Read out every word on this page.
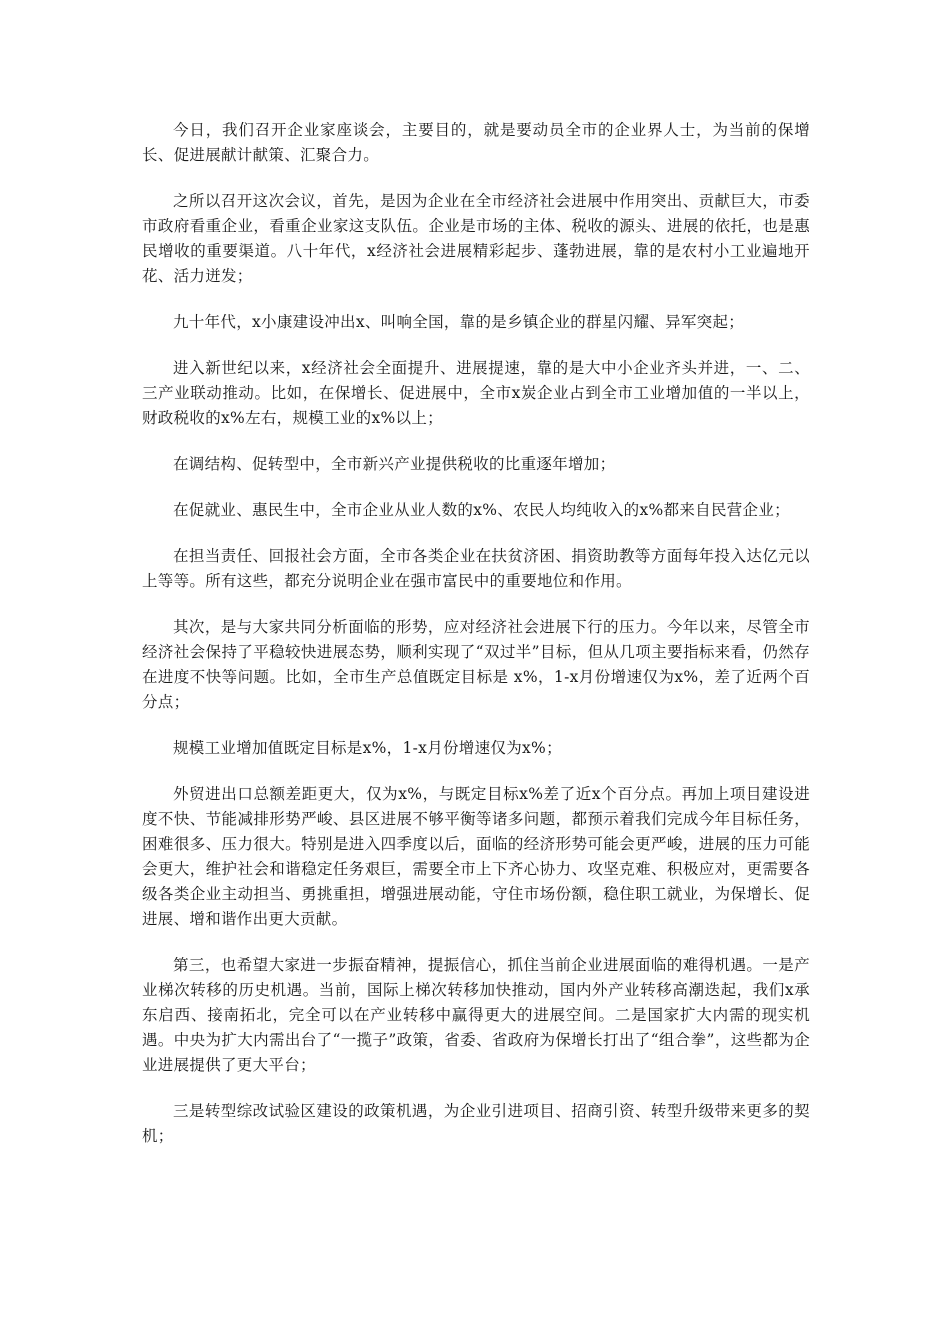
今日，我们召开企业家座谈会，主要目的，就是要动员全市的企业界人士，为当前的保增长、促进展献计献策、汇聚合力。

之所以召开这次会议，首先，是因为企业在全市经济社会进展中作用突出、贡献巨大，市委市政府看重企业，看重企业家这支队伍。企业是市场的主体、税收的源头、进展的依托，也是惠民增收的重要渠道。八十年代，x经济社会进展精彩起步、蓬勃进展，靠的是农村小工业遍地开花、活力迸发；

九十年代，x小康建设冲出x、叫响全国，靠的是乡镇企业的群星闪耀、异军突起；

进入新世纪以来，x经济社会全面提升、进展提速，靠的是大中小企业齐头并进，一、二、三产业联动推动。比如，在保增长、促进展中，全市x炭企业占到全市工业增加值的一半以上，财政税收的x%左右，规模工业的x%以上；

在调结构、促转型中，全市新兴产业提供税收的比重逐年增加；

在促就业、惠民生中，全市企业从业人数的x%、农民人均纯收入的x%都来自民营企业；

在担当责任、回报社会方面，全市各类企业在扶贫济困、捐资助教等方面每年投入达亿元以上等等。所有这些，都充分说明企业在强市富民中的重要地位和作用。

其次，是与大家共同分析面临的形势，应对经济社会进展下行的压力。今年以来，尽管全市经济社会保持了平稳较快进展态势，顺利实现了“双过半”目标，但从几项主要指标来看，仍然存在进度不快等问题。比如，全市生产总值既定目标是 x%，1-x月份增速仅为x%，差了近两个百分点；

规模工业增加值既定目标是x%，1-x月份增速仅为x%；

外贸进出口总额差距更大，仅为x%，与既定目标x%差了近x个百分点。再加上项目建设进度不快、节能减排形势严峻、县区进展不够平衡等诸多问题，都预示着我们完成今年目标任务，困难很多、压力很大。特别是进入四季度以后，面临的经济形势可能会更严峻，进展的压力可能会更大，维护社会和谐稳定任务艰巨，需要全市上下齐心协力、攻坚克难、积极应对，更需要各级各类企业主动担当、勇挑重担，增强进展动能，守住市场份额，稳住职工就业，为保增长、促进展、增和谐作出更大贡献。

第三，也希望大家进一步振奋精神，提振信心，抓住当前企业进展面临的难得机遇。一是产业梯次转移的历史机遇。当前，国际上梯次转移加快推动，国内外产业转移高潮迭起，我们x承东启西、接南拓北，完全可以在产业转移中赢得更大的进展空间。二是国家扩大内需的现实机遇。中央为扩大内需出台了“一揽子”政策，省委、省政府为保增长打出了“组合拳”，这些都为企业进展提供了更大平台；

三是转型综改试验区建设的政策机遇，为企业引进项目、招商引资、转型升级带来更多的契机；
